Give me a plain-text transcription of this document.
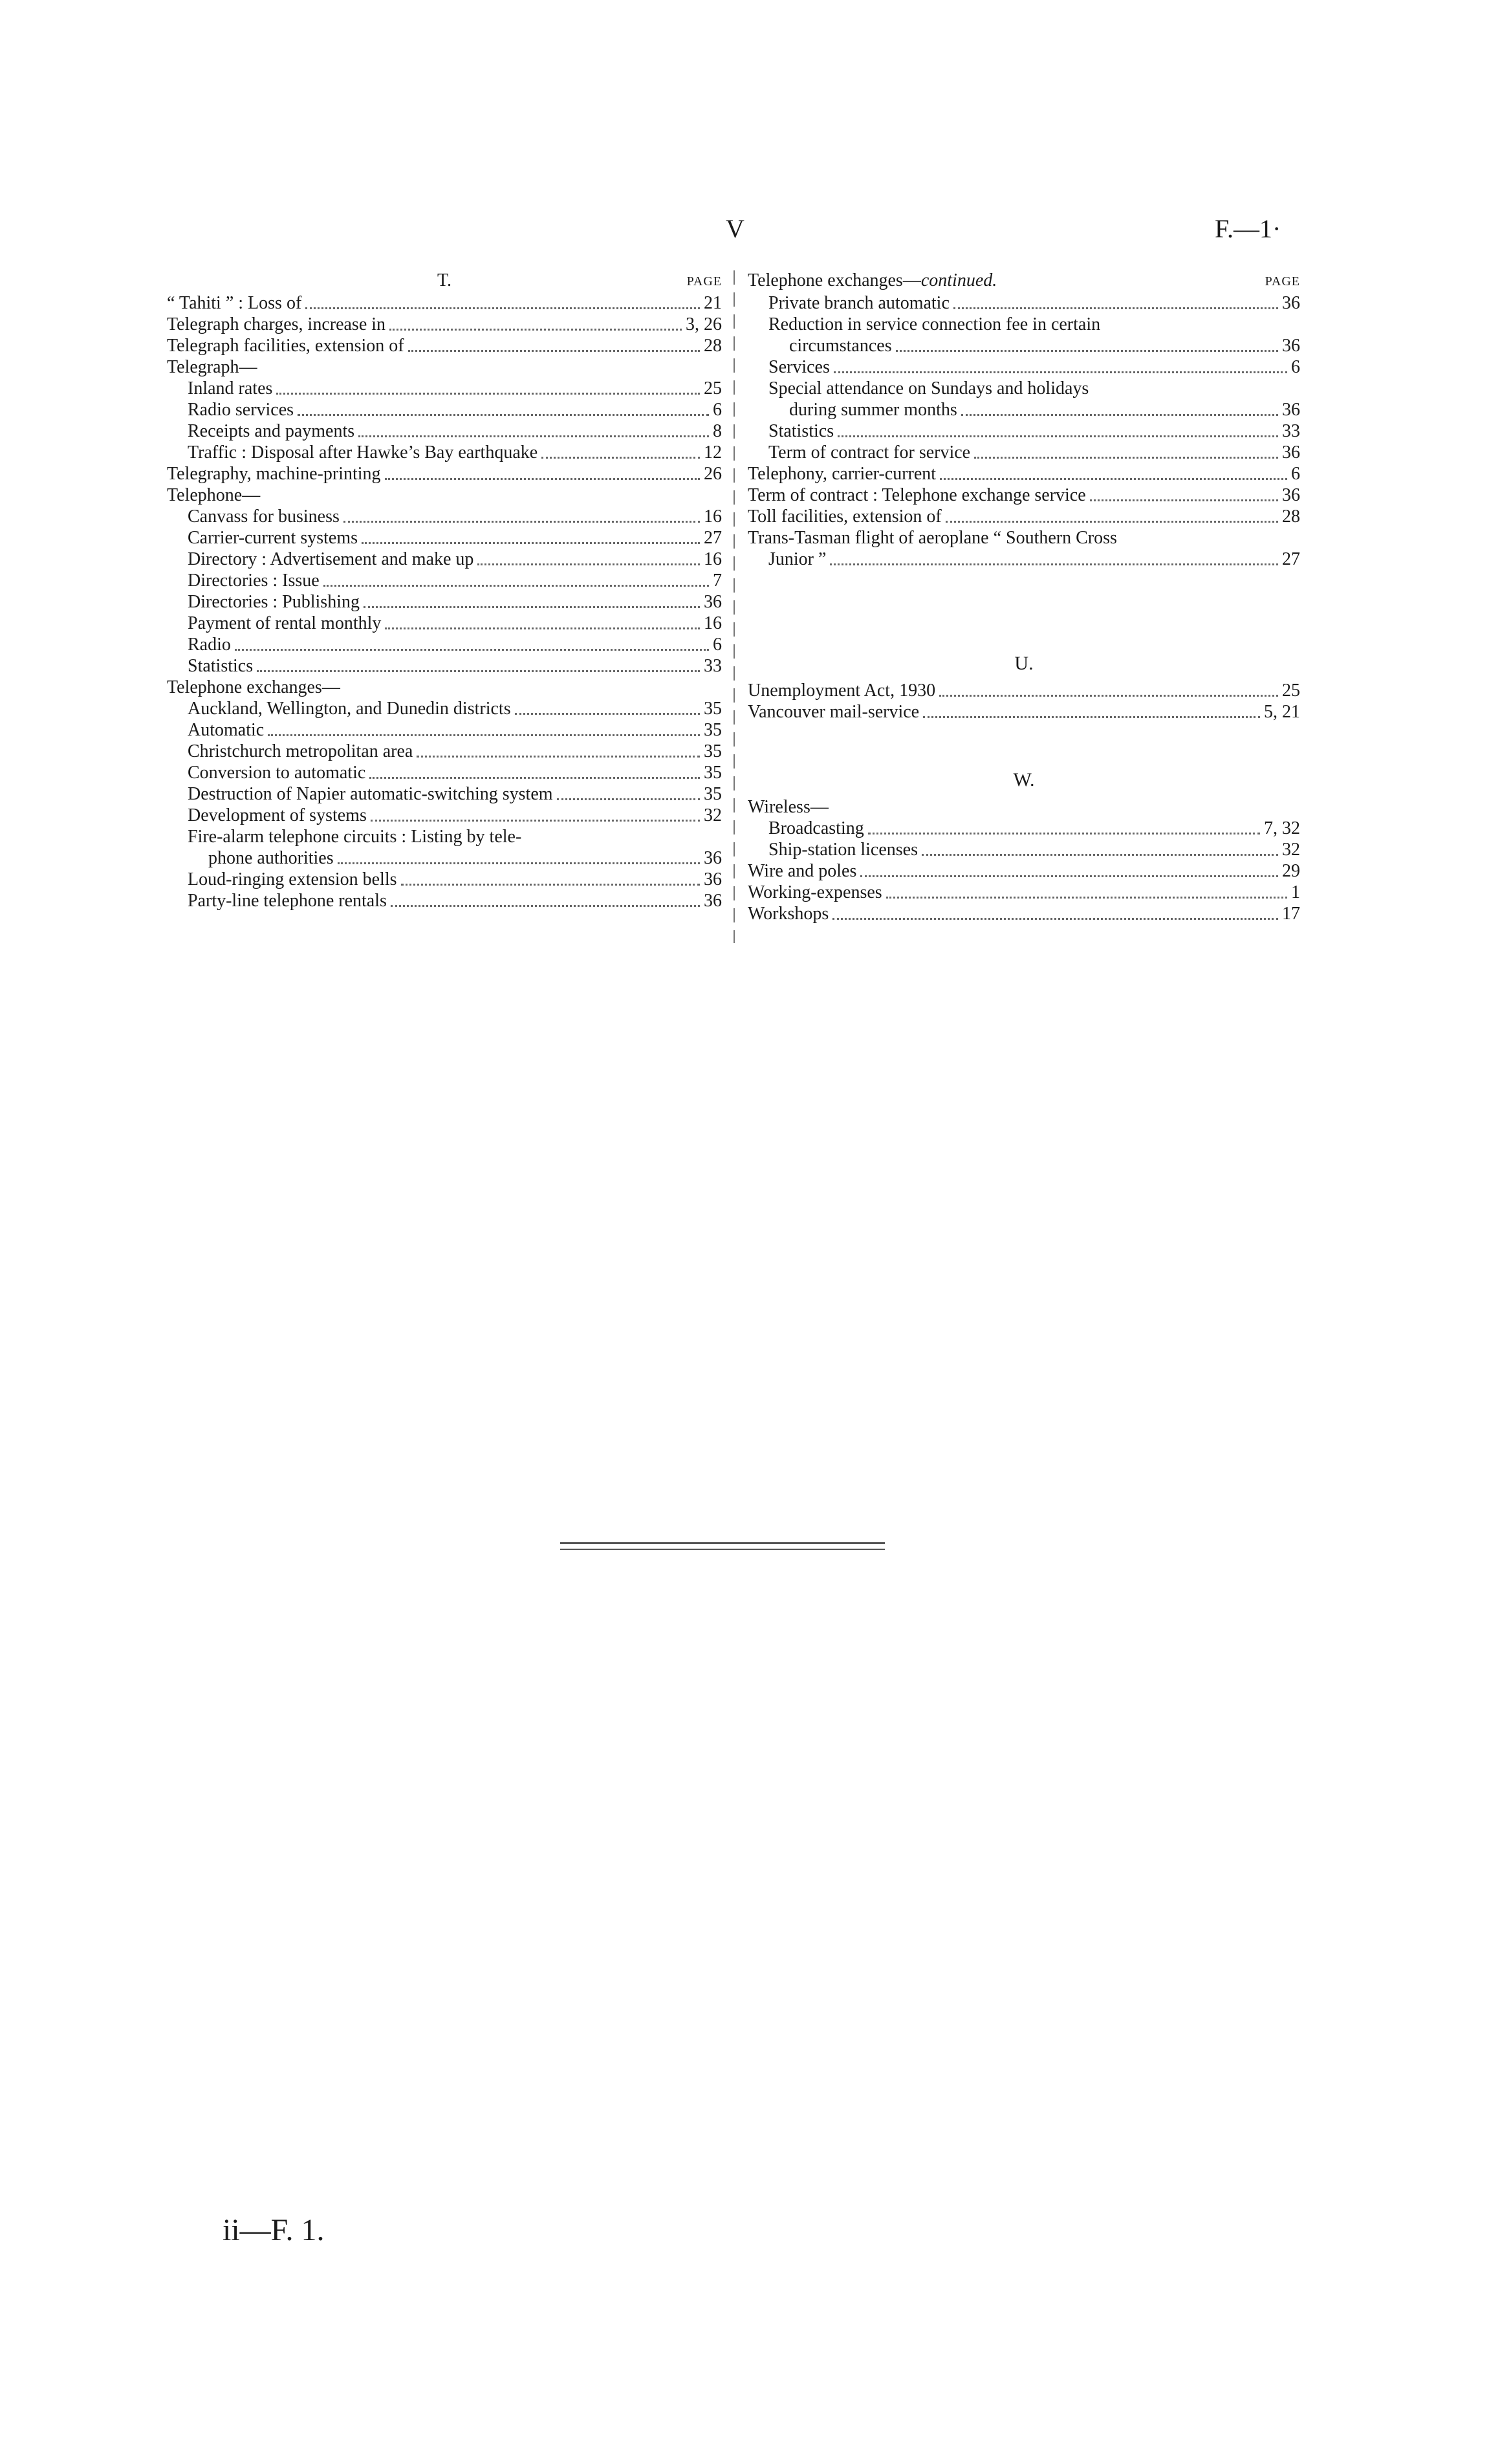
V	F.—1·
T.	PAGE
“ Tahiti ” : Loss of	21
Telegraph charges, increase in	3, 26
Telegraph facilities, extension of	28
Telegraph—
Inland rates	25
Radio services	6
Receipts and payments	8
Traffic : Disposal after Hawke’s Bay earthquake	12
Telegraphy, machine-printing	26
Telephone—
Canvass for business	16
Carrier-current systems	27
Directory : Advertisement and make up	16
Directories : Issue	7
Directories : Publishing	36
Payment of rental monthly	16
Radio	6
Statistics	33
Telephone exchanges—
Auckland, Wellington, and Dunedin districts	35
Automatic	35
Christchurch metropolitan area	35
Conversion to automatic	35
Destruction of Napier automatic-switching system	35
Development of systems	32
Fire-alarm telephone circuits : Listing by tele-
phone authorities	36
Loud-ringing extension bells	36
Party-line telephone rentals	36
Telephone exchanges—continued.	PAGE
Private branch automatic	36
Reduction in service connection fee in certain
circumstances	36
Services	6
Special attendance on Sundays and holidays
during summer months	36
Statistics	33
Term of contract for service	36
Telephony, carrier-current	6
Term of contract : Telephone exchange service	36
Toll facilities, extension of	28
Trans-Tasman flight of aeroplane “ Southern Cross
Junior ”	27
U.
Unemployment Act, 1930	25
Vancouver mail-service	5, 21
W.
Wireless—
Broadcasting	7, 32
Ship-station licenses	32
Wire and poles	29
Working-expenses	1
Workshops	17
ii—F. 1.
